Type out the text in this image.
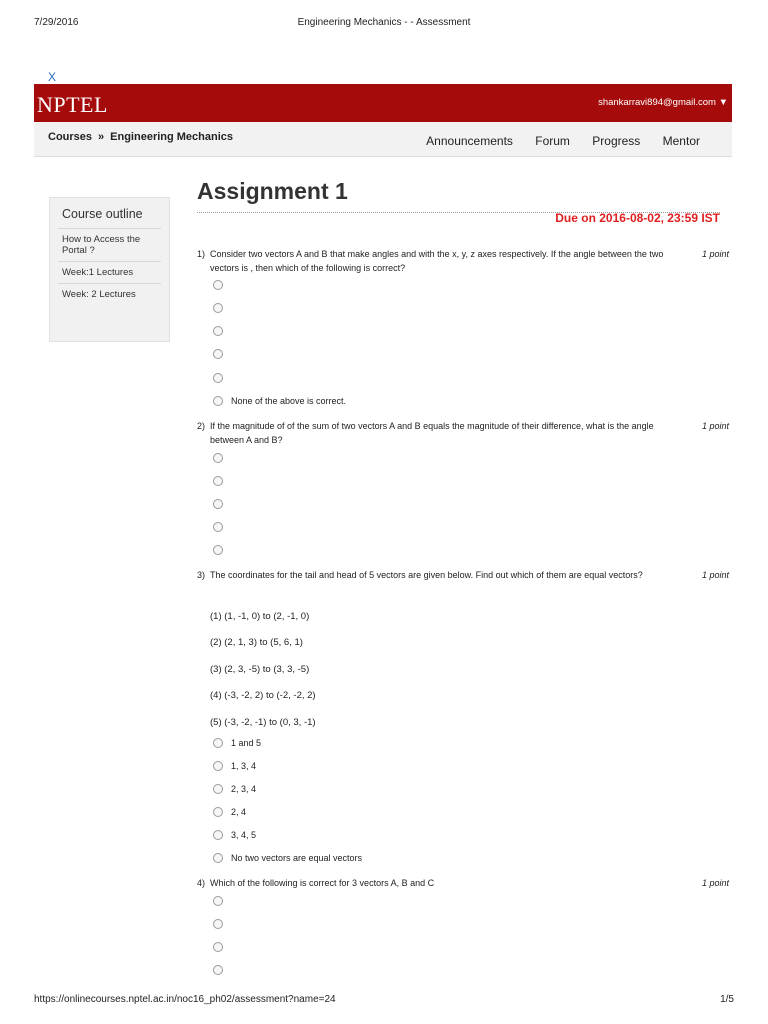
7/29/2016	Engineering Mechanics - - Assessment
X
NPTEL	shankarravi894@gmail.com ▼
Courses » Engineering Mechanics	Announcements Forum Progress Mentor
Course outline
How to Access the Portal ?
Week:1 Lectures
Week: 2 Lectures
Assignment 1
Due on 2016-08-02, 23:59 IST
1) Consider two vectors A and B that make angles and with the x, y, z axes respectively. If the angle between the two vectors is , then which of the following is correct?
1 point
None of the above is correct.
2) If the magnitude of of the sum of two vectors A and B equals the magnitude of their difference, what is the angle between A and B?
1 point
3) The coordinates for the tail and head of 5 vectors are given below. Find out which of them are equal vectors?	1 point
(1) (1, -1, 0) to (2, -1, 0)
(2) (2, 1, 3) to (5, 6, 1)
(3) (2, 3, -5) to (3, 3, -5)
(4) (-3, -2, 2) to (-2, -2, 2)
(5) (-3, -2, -1) to (0, 3, -1)
1 and 5
1, 3, 4
2, 3, 4
2, 4
3, 4, 5
No two vectors are equal vectors
4) Which of the following is correct for 3 vectors A, B and C	1 point
https://onlinecourses.nptel.ac.in/noc16_ph02/assessment?name=24	1/5
